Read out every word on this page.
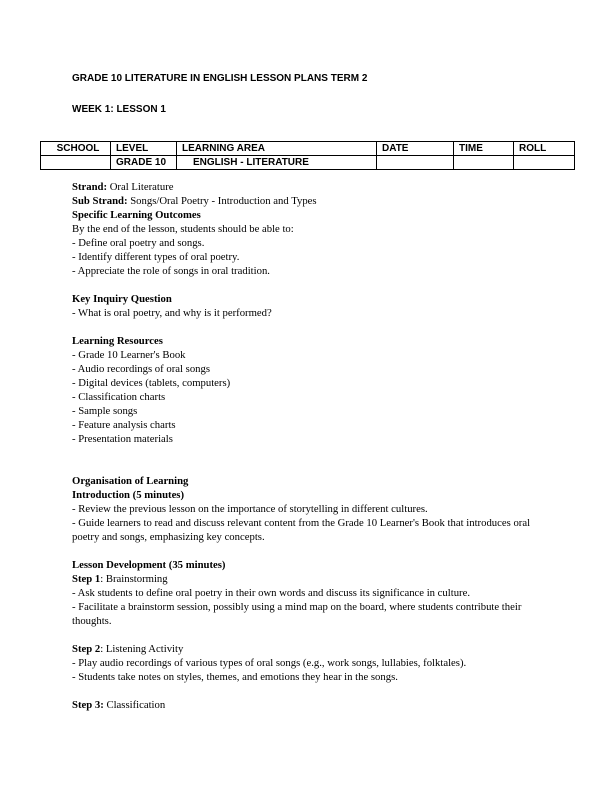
GRADE 10 LITERATURE IN ENGLISH LESSON PLANS TERM 2
WEEK 1: LESSON 1
SCHOOL	LEVEL	LEARNING AREA	DATE	TIME	ROLL
	GRADE 10	ENGLISH - LITERATURE			
Strand: Oral Literature
Sub Strand: Songs/Oral Poetry - Introduction and Types
Specific Learning Outcomes
By the end of the lesson, students should be able to:
- Define oral poetry and songs.
- Identify different types of oral poetry.
- Appreciate the role of songs in oral tradition.
Key Inquiry Question
- What is oral poetry, and why is it performed?
Learning Resources
- Grade 10 Learner's Book
- Audio recordings of oral songs
- Digital devices (tablets, computers)
- Classification charts
- Sample songs
- Feature analysis charts
- Presentation materials
Organisation of Learning
Introduction (5 minutes)
- Review the previous lesson on the importance of storytelling in different cultures.
- Guide learners to read and discuss relevant content from the Grade 10 Learner's Book that introduces oral poetry and songs, emphasizing key concepts.
Lesson Development (35 minutes)
Step 1: Brainstorming
- Ask students to define oral poetry in their own words and discuss its significance in culture.
- Facilitate a brainstorm session, possibly using a mind map on the board, where students contribute their thoughts.
Step 2: Listening Activity
- Play audio recordings of various types of oral songs (e.g., work songs, lullabies, folktales).
- Students take notes on styles, themes, and emotions they hear in the songs.
Step 3: Classification
